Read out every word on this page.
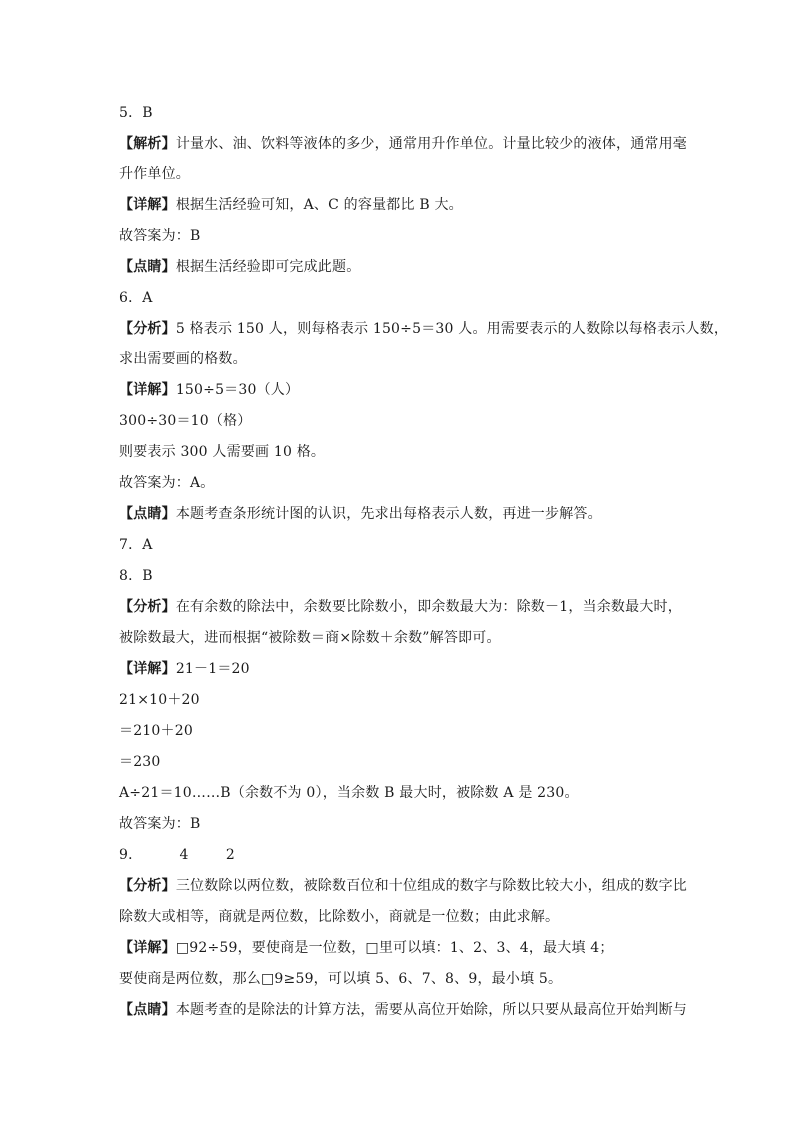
5．B
【解析】计量水、油、饮料等液体的多少，通常用升作单位。计量比较少的液体，通常用毫
升作单位。
【详解】根据生活经验可知，A、C 的容量都比 B 大。
故答案为：B
【点睛】根据生活经验即可完成此题。
6．A
【分析】5 格表示 150 人，则每格表示 150÷5＝30 人。用需要表示的人数除以每格表示人数，
求出需要画的格数。
【详解】150÷5＝30（人）
300÷30＝10（格）
则要表示 300 人需要画 10 格。
故答案为：A。
【点睛】本题考查条形统计图的认识，先求出每格表示人数，再进一步解答。
7．A
8．B
【分析】在有余数的除法中，余数要比除数小，即余数最大为：除数－1，当余数最大时，
被除数最大，进而根据“被除数＝商×除数＋余数”解答即可。
【详解】21－1＝20
21×10＋20
＝210＋20
＝230
A÷21＝10……B（余数不为 0），当余数 B 最大时，被除数 A 是 230。
故答案为：B
9．        4        2
【分析】三位数除以两位数，被除数百位和十位组成的数字与除数比较大小，组成的数字比
除数大或相等，商就是两位数，比除数小，商就是一位数；由此求解。
【详解】□92÷59，要使商是一位数，□里可以填：1、2、3、4，最大填 4；
要使商是两位数，那么□9≥59，可以填 5、6、7、8、9，最小填 5。
【点睛】本题考查的是除法的计算方法，需要从高位开始除，所以只要从最高位开始判断与
